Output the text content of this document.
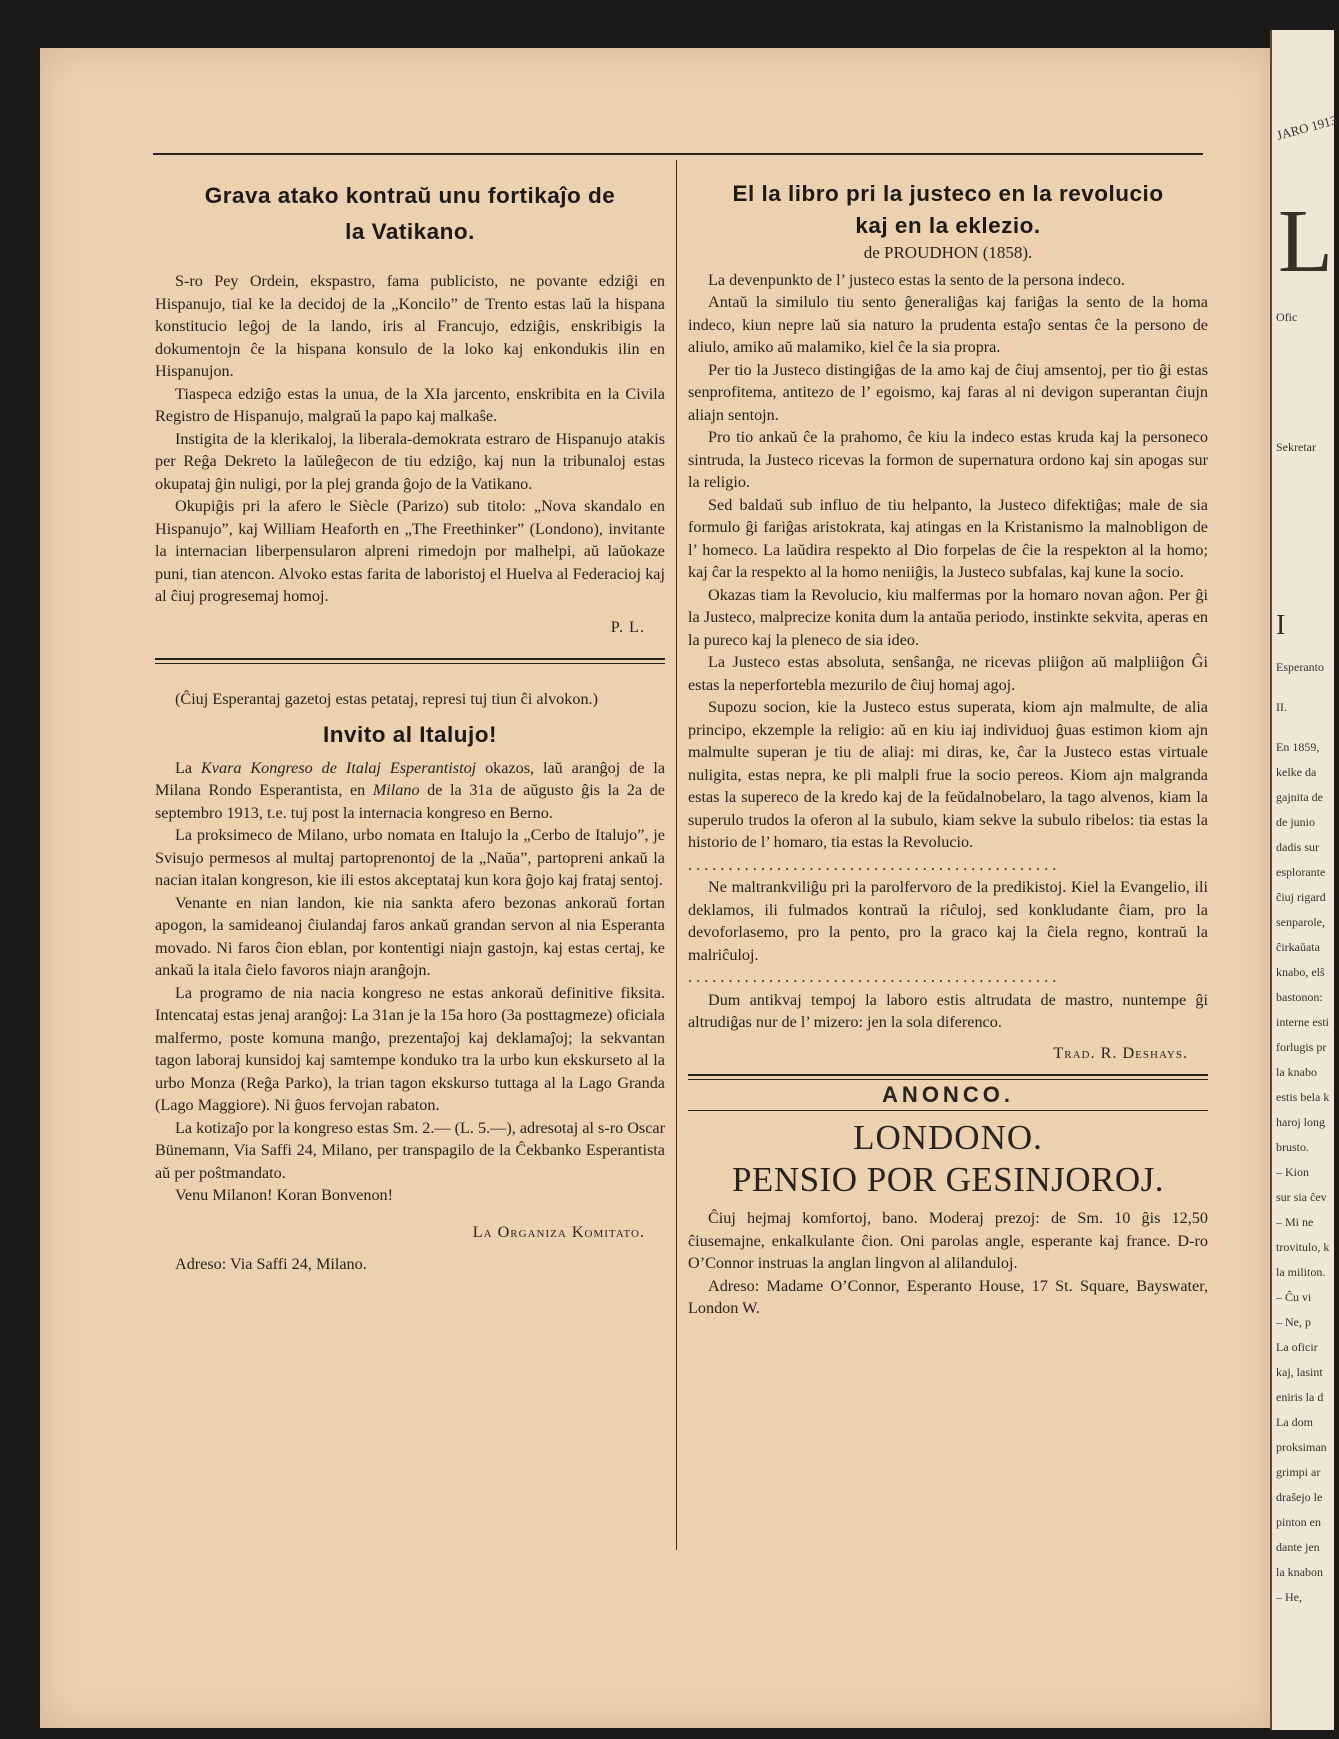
JARO 1913
L
Ofic
Sekretar
I
Esperanto
II.
En 1859,
kelke da
gajnita de
de junio
dadis sur
esplorante
ĉiuj rigard
senparole,
ĉirkaŭata
knabo, elŝ
bastonon:
interne esti
forlugis pr
la knabo
estis bela k
haroj long
brusto.
– Kion
sur sia ĉev
– Mi ne
trovitulo, k
la militon.
– Ĉu vi
– Ne, p
La oficir
kaj, lasint
eniris la d
La dom
proksiman
grimpi ar
draŝejo le
pinton en
dante jen
la knabon
– He,
Grava atako kontraŭ unu fortikaĵo de
la Vatikano.

S-ro Pey Ordein, ekspastro, fama publicisto, ne povante edziĝi en Hispanujo, tial ke la decidoj de la „Koncilo” de Trento estas laŭ la hispana konstitucio leĝoj de la lando, iris al Francujo, edziĝis, enskribigis la dokumentojn ĉe la hispana konsulo de la loko kaj enkondukis ilin en Hispanujon.

Tiaspeca edziĝo estas la unua, de la XIa jarcento, enskribita en la Civila Registro de Hispanujo, malgraŭ la papo kaj malkaŝe.

Instigita de la klerikaloj, la liberala-demokrata estraro de Hispanujo atakis per Reĝa Dekreto la laŭleĝecon de tiu edziĝo, kaj nun la tribunaloj estas okupataj ĝin nuligi, por la plej granda ĝojo de la Vatikano.

Okupiĝis pri la afero le Siècle (Parizo) sub titolo: „Nova skandalo en Hispanujo”, kaj William Heaforth en „The Freethinker” (Londono), invitante la internacian liberpensularon alpreni rimedojn por malhelpi, aŭ laŭokaze puni, tian atencon. Alvoko estas farita de laboristoj el Huelva al Federacioj kaj al ĉiuj progresemaj homoj.

P. L.

(Ĉiuj Esperantaj gazetoj estas petataj, represi tuj tiun ĉi alvokon.)

Invito al Italujo!

La Kvara Kongreso de Italaj Esperantistoj okazos, laŭ aranĝoj de la Milana Rondo Esperantista, en Milano de la 31a de aŭgusto ĝis la 2a de septembro 1913, t.e. tuj post la internacia kongreso en Berno.

La proksimeco de Milano, urbo nomata en Italujo la „Cerbo de Italujo”, je Svisujo permesos al multaj partoprenontoj de la „Naŭa”, partopreni ankaŭ la nacian italan kongreson, kie ili estos akceptataj kun kora ĝojo kaj frataj sentoj.

Venante en nian landon, kie nia sankta afero bezonas ankoraŭ fortan apogon, la samideanoj ĉiulandaj faros ankaŭ grandan servon al nia Esperanta movado. Ni faros ĉion eblan, por kontentigi niajn gastojn, kaj estas certaj, ke ankaŭ la itala ĉielo favoros niajn aranĝojn.

La programo de nia nacia kongreso ne estas ankoraŭ definitive fiksita. Intencataj estas jenaj aranĝoj: La 31an je la 15a horo (3a posttagmeze) oficiala malfermo, poste komuna manĝo, prezentaĵoj kaj deklamaĵoj; la sekvantan tagon laboraj kunsidoj kaj samtempe konduko tra la urbo kun ekskurseto al la urbo Monza (Reĝa Parko), la trian tagon ekskurso tuttaga al la Lago Granda (Lago Maggiore). Ni ĝuos fervojan rabaton.

La kotizaĵo por la kongreso estas Sm. 2.— (L. 5.—), adresotaj al s-ro Oscar Bünemann, Via Saffi 24, Milano, per transpagilo de la Ĉekbanko Esperantista aŭ per poŝtmandato.

Venu Milanon! Koran Bonvenon!

La Organiza Komitato.

Adreso: Via Saffi 24, Milano.

El la libro pri la justeco en la revolucio
kaj en la eklezio.
de PROUDHON (1858).

La devenpunkto de l’ justeco estas la sento de la persona indeco.

Antaŭ la similulo tiu sento ĝeneraliĝas kaj fariĝas la sento de la homa indeco, kiun nepre laŭ sia naturo la prudenta estaĵo sentas ĉe la persono de aliulo, amiko aŭ malamiko, kiel ĉe la sia propra.

Per tio la Justeco distingiĝas de la amo kaj de ĉiuj amsentoj, per tio ĝi estas senprofitema, antitezo de l’ egoismo, kaj faras al ni devigon superantan ĉiujn aliajn sentojn.

Pro tio ankaŭ ĉe la prahomo, ĉe kiu la indeco estas kruda kaj la personeco sintruda, la Justeco ricevas la formon de supernatura ordono kaj sin apogas sur la religio.

Sed baldaŭ sub influo de tiu helpanto, la Justeco difektiĝas; male de sia formulo ĝi fariĝas aristokrata, kaj atingas en la Kristanismo la malnobligon de l’ homeco. La laŭdira respekto al Dio forpelas de ĉie la respekton al la homo; kaj ĉar la respekto al la homo neniiĝis, la Justeco subfalas, kaj kune la socio.

Okazas tiam la Revolucio, kiu malfermas por la homaro novan aĝon. Per ĝi la Justeco, malprecize konita dum la antaŭa periodo, instinkte sekvita, aperas en la pureco kaj la pleneco de sia ideo.

La Justeco estas absoluta, senŝanĝa, ne ricevas pliiĝon aŭ malpliiĝon Ĝi estas la neperfortebla mezurilo de ĉiuj homaj agoj.

Supozu socion, kie la Justeco estus superata, kiom ajn malmulte, de alia principo, ekzemple la religio: aŭ en kiu iaj individuoj ĝuas estimon kiom ajn malmulte superan je tiu de aliaj: mi diras, ke, ĉar la Justeco estas virtuale nuligita, estas nepra, ke pli malpli frue la socio pereos. Kiom ajn malgranda estas la supereco de la kredo kaj de la feŭdalnobelaro, la tago alvenos, kiam la superulo trudos la oferon al la subulo, kiam sekve la subulo ribelos: tia estas la historio de l’ homaro, tia estas la Revolucio.

. . . . . . . . . . . . . . . . . . . . . . . . . . . . . . . . . . . . . . . . . . . . . .

Ne maltrankviliĝu pri la parolfervoro de la predikistoj. Kiel la Evangelio, ili deklamos, ili fulmados kontraŭ la riĉuloj, sed konkludante ĉiam, pro la devoforlasemo, pro la pento, pro la graco kaj la ĉiela regno, kontraŭ la malriĉuloj.

. . . . . . . . . . . . . . . . . . . . . . . . . . . . . . . . . . . . . . . . . . . . . .

Dum antikvaj tempoj la laboro estis altrudata de mastro, nuntempe ĝi altrudiĝas nur de l’ mizero: jen la sola diferenco.

Trad. R. Deshays.
ANONCO.
LONDONO.
PENSIO POR GESINJOROJ.

Ĉiuj hejmaj komfortoj, bano. Moderaj prezoj: de Sm. 10 ĝis 12,50 ĉiusemajne, enkalkulante ĉion. Oni parolas angle, esperante kaj france. D-ro O’Connor instruas la anglan lingvon al alilanduloj.

Adreso: Madame O’Connor, Esperanto House, 17 St. Square, Bayswater, London W.
